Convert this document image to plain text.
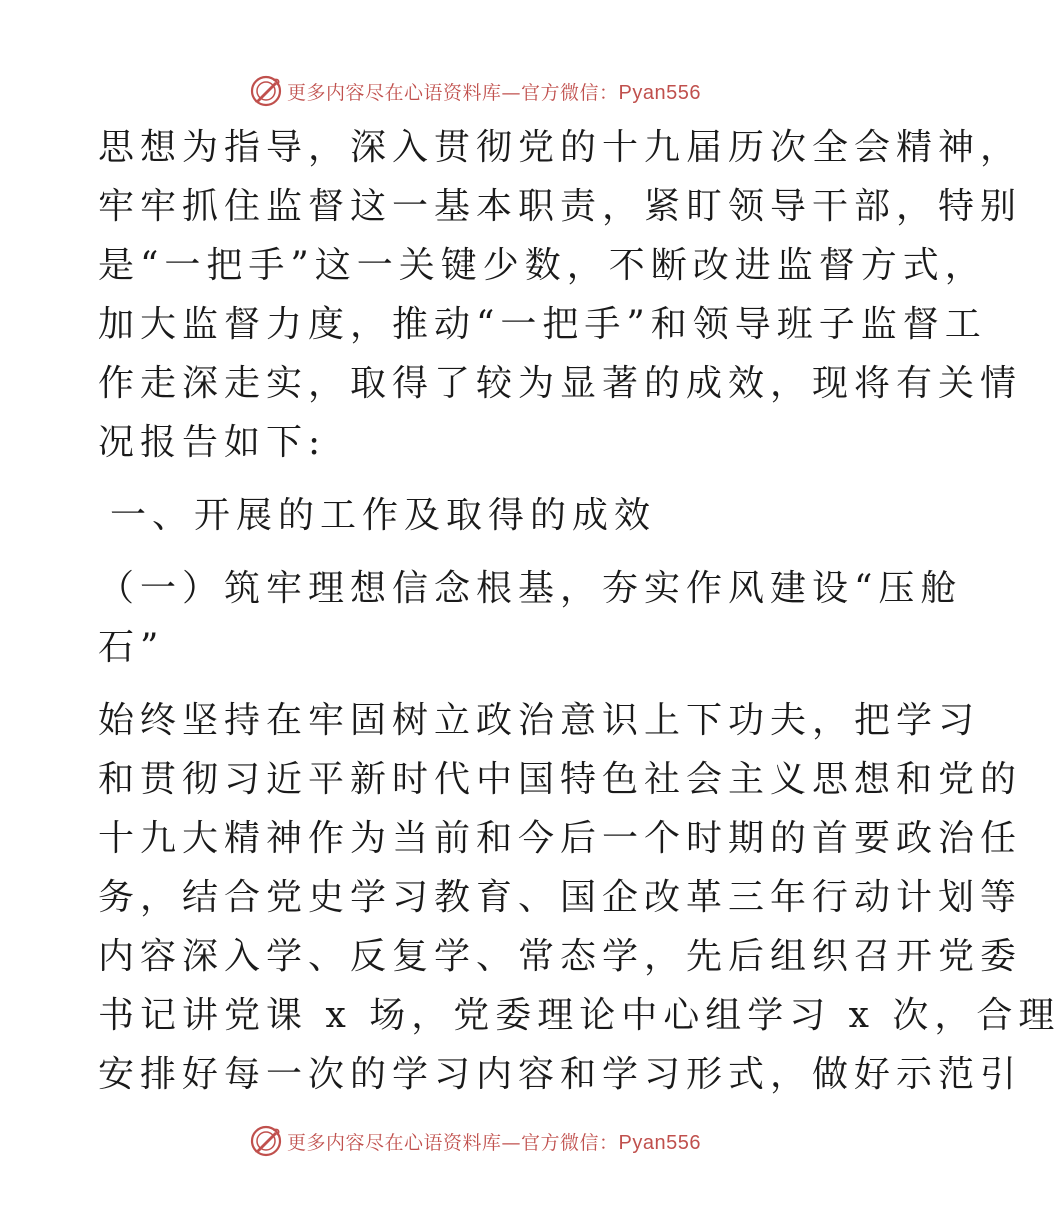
更多内容尽在心语资料库—官方微信：Pyan556
思想为指导，深入贯彻党的十九届历次全会精神，
牢牢抓住监督这一基本职责，紧盯领导干部，特别
是“一把手”这一关键少数，不断改进监督方式，
加大监督力度，推动“一把手”和领导班子监督工
作走深走实，取得了较为显著的成效，现将有关情
况报告如下:
一、开展的工作及取得的成效
（一）筑牢理想信念根基，夯实作风建设“压舱
石”
始终坚持在牢固树立政治意识上下功夫，把学习
和贯彻习近平新时代中国特色社会主义思想和党的
十九大精神作为当前和今后一个时期的首要政治任
务，结合党史学习教育、国企改革三年行动计划等
内容深入学、反复学、常态学，先后组织召开党委
书记讲党课 x 场，党委理论中心组学习 x 次，合理
安排好每一次的学习内容和学习形式，做好示范引
更多内容尽在心语资料库—官方微信：Pyan556
